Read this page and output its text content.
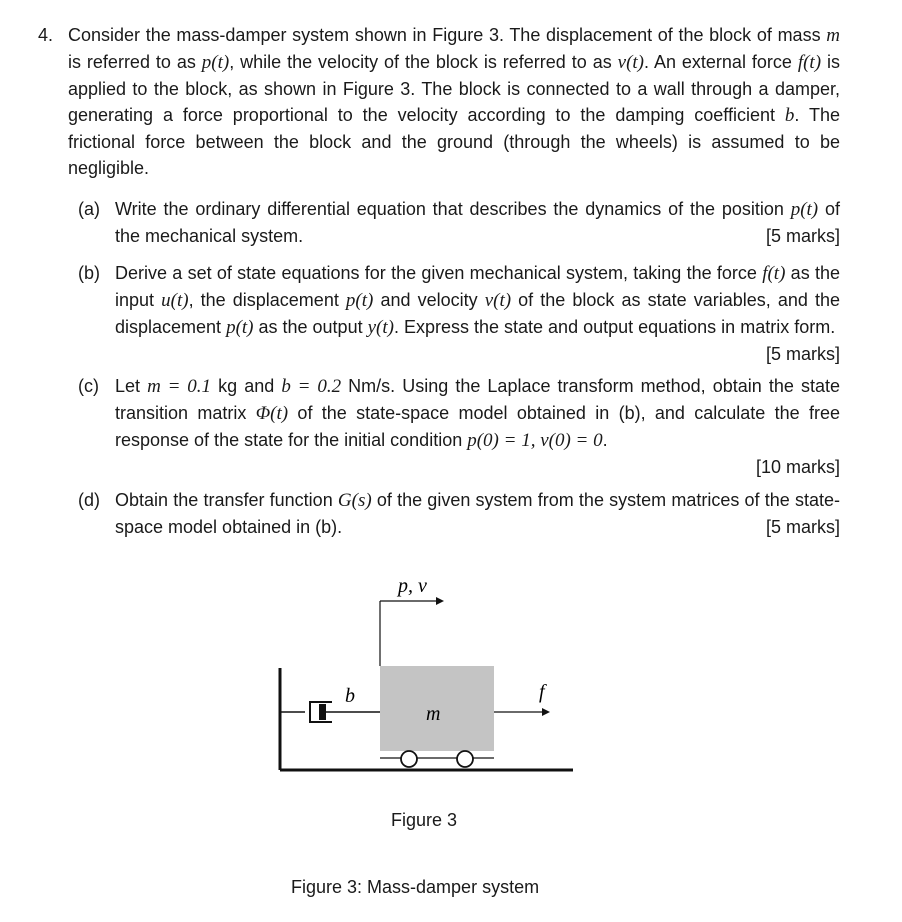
4. Consider the mass-damper system shown in Figure 3. The displacement of the block of mass m is referred to as p(t), while the velocity of the block is referred to as v(t). An external force f(t) is applied to the block, as shown in Figure 3. The block is connected to a wall through a damper, generating a force proportional to the velocity according to the damping coefficient b. The frictional force between the block and the ground (through the wheels) is assumed to be negligible.
(a) Write the ordinary differential equation that describes the dynamics of the position p(t) of the mechanical system.	[5 marks]
(b) Derive a set of state equations for the given mechanical system, taking the force f(t) as the input u(t), the displacement p(t) and velocity v(t) of the block as state variables, and the displacement p(t) as the output y(t). Express the state and output equations in matrix form.
[5 marks]
(c) Let m = 0.1 kg and b = 0.2 Nm/s. Using the Laplace transform method, obtain the state transition matrix Φ(t) of the state-space model obtained in (b), and calculate the free response of the state for the initial condition p(0) = 1, v(0) = 0.
[10 marks]
(d) Obtain the transfer function G(s) of the given system from the system matrices of the state-space model obtained in (b).	[5 marks]
b
m
p, v
f
Figure 3
Figure 3: Mass-damper system
